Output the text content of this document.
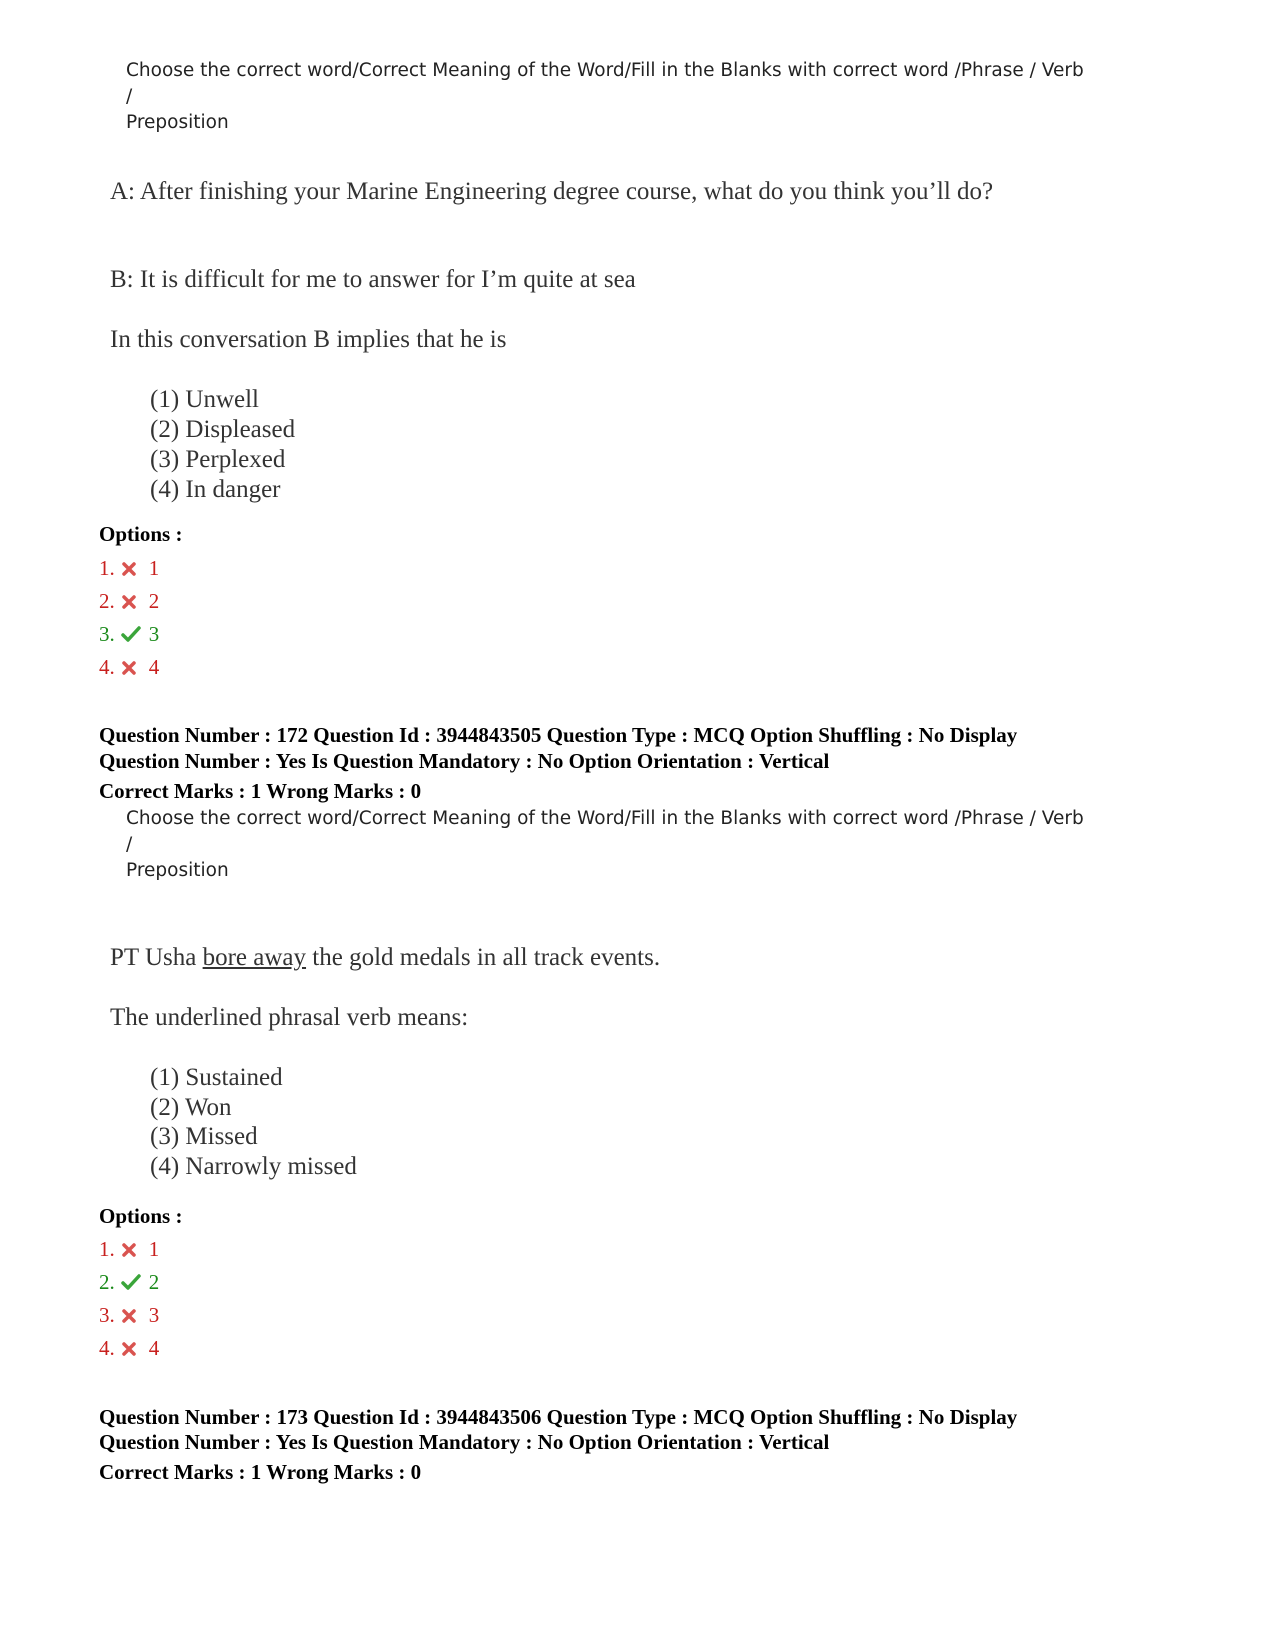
Choose the correct word/Correct Meaning of the Word/Fill in the Blanks with correct word /Phrase / Verb /
Preposition
A: After finishing your Marine Engineering degree course, what do you think you’ll do?
B: It is difficult for me to answer for I’m quite at sea
In this conversation B implies that he is
(1) Unwell
(2) Displeased
(3) Perplexed
(4) In danger
Options :
1. 1
2. 2
3. 3
4. 4
Question Number : 172 Question Id : 3944843505 Question Type : MCQ Option Shuffling : No Display
Question Number : Yes Is Question Mandatory : No Option Orientation : Vertical
Correct Marks : 1 Wrong Marks : 0
Choose the correct word/Correct Meaning of the Word/Fill in the Blanks with correct word /Phrase / Verb /
Preposition
PT Usha bore away the gold medals in all track events.
The underlined phrasal verb means:
(1) Sustained
(2) Won
(3) Missed
(4) Narrowly missed
Options :
1. 1
2. 2
3. 3
4. 4
Question Number : 173 Question Id : 3944843506 Question Type : MCQ Option Shuffling : No Display
Question Number : Yes Is Question Mandatory : No Option Orientation : Vertical
Correct Marks : 1 Wrong Marks : 0
